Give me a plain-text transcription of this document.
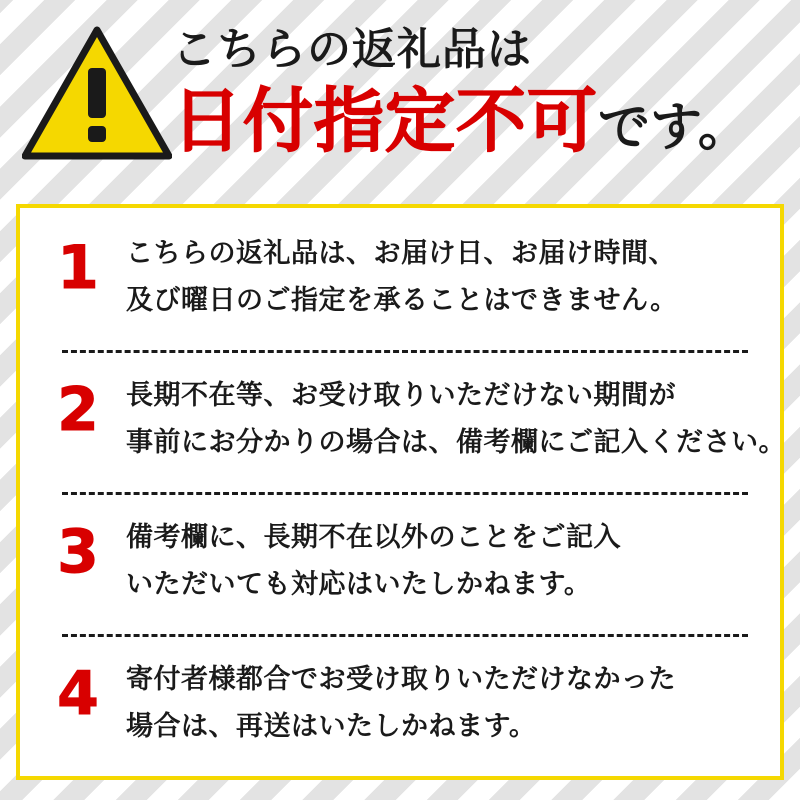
こちらの返礼品は
日付指定不可です。
1	こちらの返礼品は、お届け日、お届け時間、

及び曜日のご指定を承ることはできません。

2	長期不在等、お受け取りいただけない期間が

事前にお分かりの場合は、備考欄にご記入ください。

3	備考欄に、長期不在以外のことをご記入

いただいても対応はいたしかねます。

4	寄付者様都合でお受け取りいただけなかった

場合は、再送はいたしかねます。
